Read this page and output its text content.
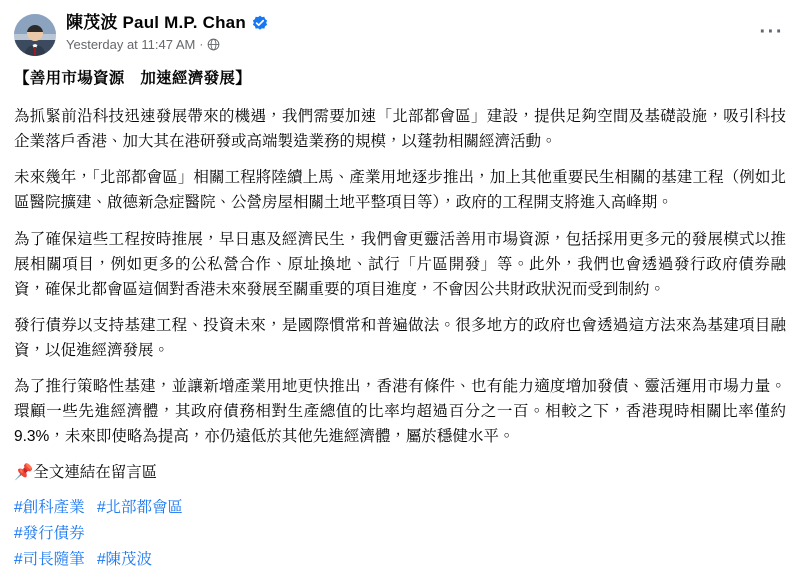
陳茂波 Paul M.P. Chan
Yesterday at 11:47 AM ·
···

【善用市場資源　加速經濟發展】

為抓緊前沿科技迅速發展帶來的機遇，我們需要加速「北部都會區」建設，提供足夠空間及基礎設施，吸引科技企業落戶香港、加大其在港研發或高端製造業務的規模，以蓬勃相關經濟活動。

未來幾年，「北部都會區」相關工程將陸續上馬、產業用地逐步推出，加上其他重要民生相關的基建工程（例如北區醫院擴建、啟德新急症醫院、公營房屋相關土地平整項目等），政府的工程開支將進入高峰期。

為了確保這些工程按時推展，早日惠及經濟民生，我們會更靈活善用市場資源，包括採用更多元的發展模式以推展相關項目，例如更多的公私營合作、原址換地、試行「片區開發」等。此外，我們也會透過發行政府債券融資，確保北都會區這個對香港未來發展至關重要的項目進度，不會因公共財政狀況而受到制約。

發行債券以支持基建工程、投資未來，是國際慣常和普遍做法。很多地方的政府也會透過這方法來為基建項目融資，以促進經濟發展。

為了推行策略性基建，並讓新增產業用地更快推出，香港有條件、也有能力適度增加發債、靈活運用市場力量。環顧一些先進經濟體，其政府債務相對生產總值的比率均超過百分之一百。相較之下，香港現時相關比率僅約9.3%，未來即使略為提高，亦仍遠低於其他先進經濟體，屬於穩健水平。

📌全文連結在留言區

#創科產業 #北部都會區
#發行債券
#司長隨筆 #陳茂波
